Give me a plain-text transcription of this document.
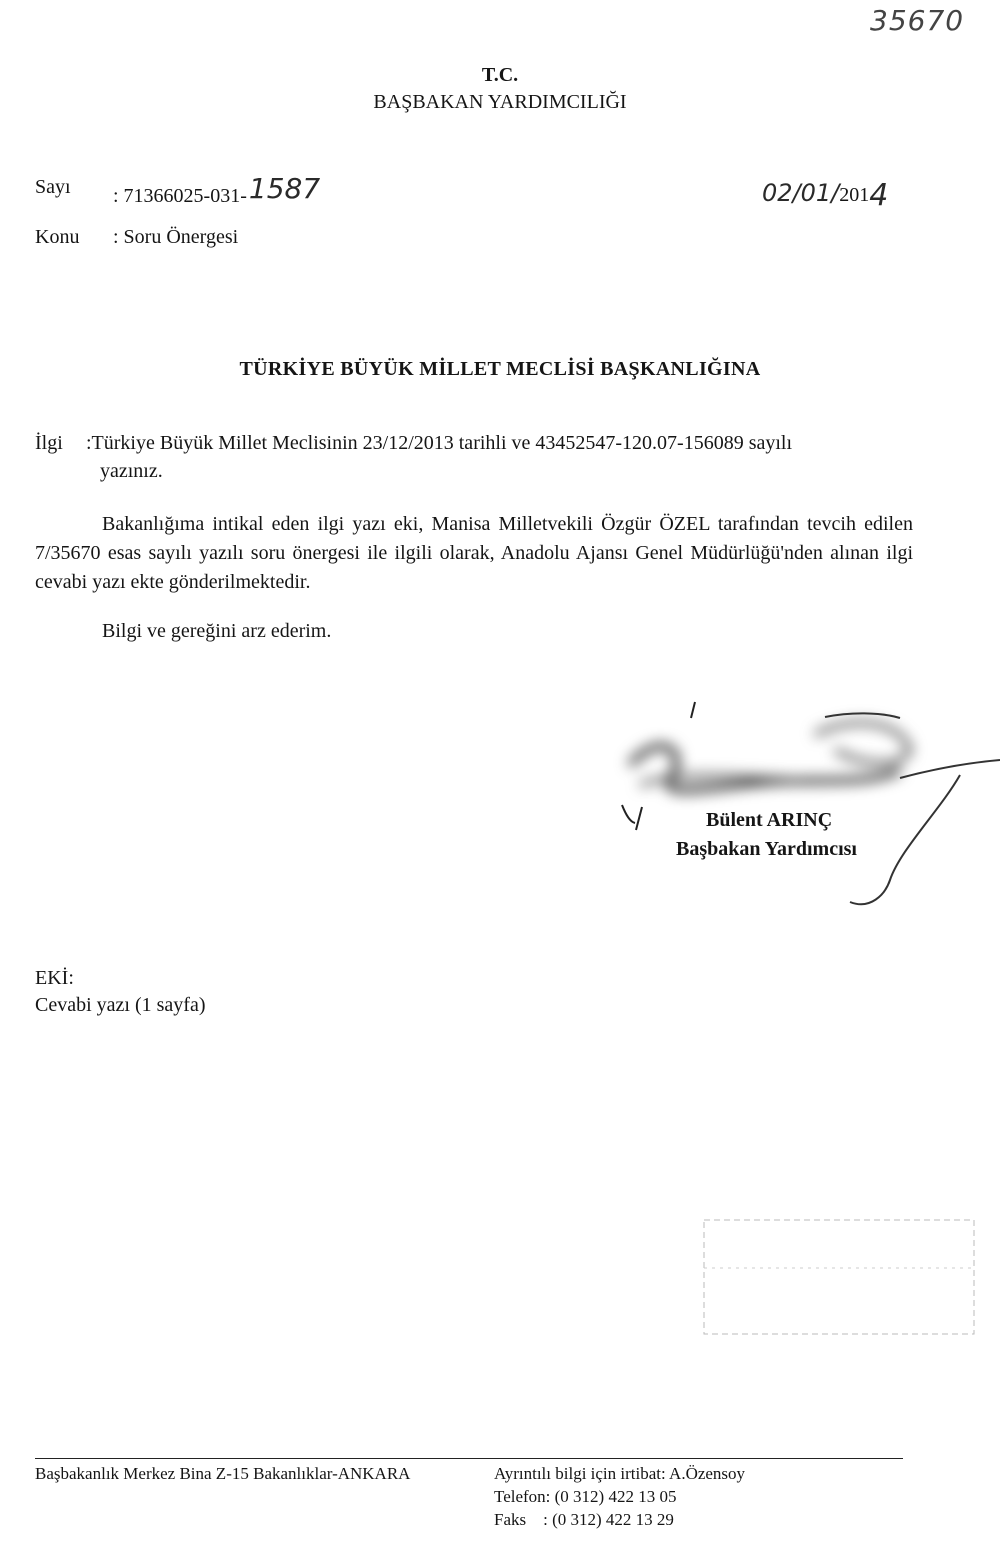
35670
T.C.
BAŞBAKAN YARDIMCILIĞI
Sayı : 71366025-031-1587	02/01/2014
Konu : Soru Önergesi
TÜRKİYE BÜYÜK MİLLET MECLİSİ BAŞKANLIĞINA
İlgi :Türkiye Büyük Millet Meclisinin 23/12/2013 tarihli ve 43452547-120.07-156089 sayılı
yazınız.
Bakanlığıma intikal eden ilgi yazı eki, Manisa Milletvekili Özgür ÖZEL tarafından tevcih edilen 7/35670 esas sayılı yazılı soru önergesi ile ilgili olarak, Anadolu Ajansı Genel Müdürlüğü'nden alınan ilgi cevabi yazı ekte gönderilmektedir.
Bilgi ve gereğini arz ederim.
Bülent ARINÇ
Başbakan Yardımcısı
EKİ:
Cevabi yazı (1 sayfa)
Başbakanlık Merkez Bina Z-15 Bakanlıklar-ANKARA	Ayrıntılı bilgi için irtibat: A.Özensoy
Telefon: (0 312) 422 13 05
Faks    : (0 312) 422 13 29
